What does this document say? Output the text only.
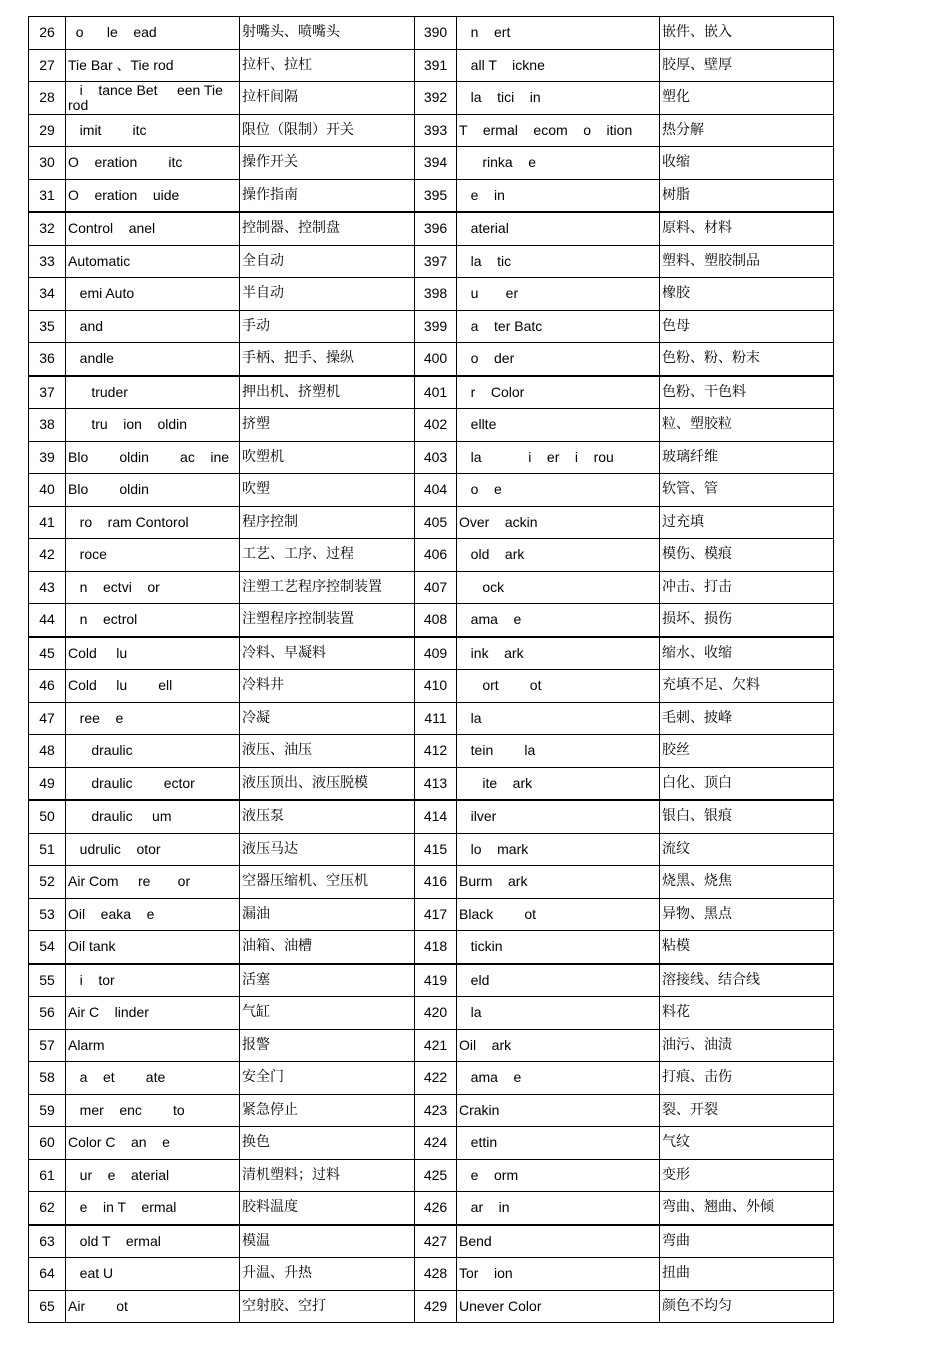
26	o      le    ead	射嘴头、喷嘴头	390	n    ert	嵌件、嵌入
27	Tie Bar 、Tie rod	拉杆、拉杠	391	all T    ickne	胶厚、壁厚
28	i    tance Bet     een Tie rod	拉杆间隔	392	la    tici    in	塑化
29	imit        itc	限位（限制）开关	393	T    ermal    ecom    o    ition	热分解
30	O    eration        itc	操作开关	394	rinka    e	收缩
31	O    eration    uide	操作指南	395	e    in	树脂
32	Control    anel	控制器、控制盘	396	aterial	原料、材料
33	Automatic	全自动	397	la    tic	塑料、塑胶制品
34	emi Auto	半自动	398	u       er	橡胶
35	and	手动	399	a    ter Batc	色母
36	andle	手柄、把手、操纵	400	o    der	色粉、粉、粉末
37	truder	押出机、挤塑机	401	r    Color	色粉、干色料
38	tru    ion    oldin	挤塑	402	ellte	粒、塑胶粒
39	Blo        oldin        ac    ine	吹塑机	403	la            i    er    i    rou	玻璃纤维
40	Blo        oldin	吹塑	404	o    e	软管、管
41	ro    ram Contorol	程序控制	405	Over    ackin	过充填
42	roce	工艺、工序、过程	406	old    ark	模伤、模痕
43	n    ectvi    or	注塑工艺程序控制装置	407	ock	冲击、打击
44	n    ectrol	注塑程序控制装置	408	ama    e	损坏、损伤
45	Cold     lu	冷料、早凝料	409	ink    ark	缩水、收缩
46	Cold     lu        ell	冷料井	410	ort        ot	充填不足、欠料
47	ree    e	冷凝	411	la	毛刺、披峰
48	draulic	液压、油压	412	tein        la	胶丝
49	draulic        ector	液压顶出、液压脱模	413	ite    ark	白化、顶白
50	draulic     um	液压泵	414	ilver	银白、银痕
51	udrulic    otor	液压马达	415	lo    mark	流纹
52	Air Com     re       or	空器压缩机、空压机	416	Burm    ark	烧黑、烧焦
53	Oil    eaka    e	漏油	417	Black        ot	异物、黑点
54	Oil tank	油箱、油槽	418	tickin	粘模
55	i    tor	活塞	419	eld	溶接线、结合线
56	Air C    linder	气缸	420	la	料花
57	Alarm	报警	421	Oil    ark	油污、油渍
58	a    et        ate	安全门	422	ama    e	打痕、击伤
59	mer    enc        to	紧急停止	423	Crakin	裂、开裂
60	Color C    an    e	换色	424	ettin	气纹
61	ur    e    aterial	清机塑料；过料	425	e    orm	变形
62	e    in T    ermal	胶料温度	426	ar    in	弯曲、翘曲、外倾
63	old T    ermal	模温	427	Bend	弯曲
64	eat U	升温、升热	428	Tor    ion	扭曲
65	Air        ot	空射胶、空打	429	Unever Color	颜色不均匀
